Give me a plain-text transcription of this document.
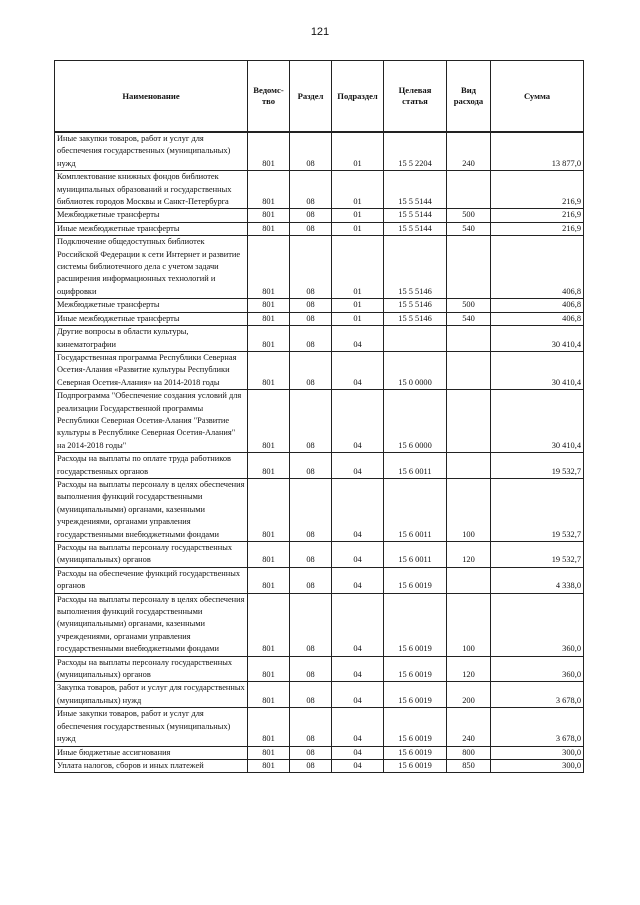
121
Наименование	Ведомс-тво	Раздел	Подраздел	Целевая статья	Вид расхода	Сумма
Иные закупки товаров, работ и услуг для обеспечения государственных (муниципальных) нужд	801	08	01	15 5 2204	240	13 877,0
Комплектование книжных фондов библиотек муниципальных образований и государственных библиотек городов Москвы и Санкт-Петербурга	801	08	01	15 5 5144		216,9
Межбюджетные трансферты	801	08	01	15 5 5144	500	216,9
Иные межбюджетные трансферты	801	08	01	15 5 5144	540	216,9
Подключение общедоступных библиотек Российской Федерации к сети Интернет и развитие системы библиотечного дела с учетом задачи расширения информационных технологий и оцифровки	801	08	01	15 5 5146		406,8
Межбюджетные трансферты	801	08	01	15 5 5146	500	406,8
Иные межбюджетные трансферты	801	08	01	15 5 5146	540	406,8
Другие вопросы в области культуры, кинематографии	801	08	04			30 410,4
Государственная программа Республики Северная Осетия-Алания «Развитие культуры Республики Северная Осетия-Алания» на 2014-2018 годы	801	08	04	15 0 0000		30 410,4
Подпрограмма "Обеспечение создания условий для реализации Государственной программы Республики Северная Осетия-Алания "Развитие культуры в Республике Северная Осетия-Алания" на 2014-2018 годы"	801	08	04	15 6 0000		30 410,4
Расходы на выплаты по оплате труда работников государственных органов	801	08	04	15 6 0011		19 532,7
Расходы на выплаты персоналу в целях обеспечения выполнения функций государственными (муниципальными) органами, казенными учреждениями, органами управления государственными внебюджетными фондами	801	08	04	15 6 0011	100	19 532,7
Расходы на выплаты персоналу государственных (муниципальных) органов	801	08	04	15 6 0011	120	19 532,7
Расходы на обеспечение функций государственных органов	801	08	04	15 6 0019		4 338,0
Расходы на выплаты персоналу в целях обеспечения выполнения функций государственными (муниципальными) органами, казенными учреждениями, органами управления государственными внебюджетными фондами	801	08	04	15 6 0019	100	360,0
Расходы на выплаты персоналу государственных (муниципальных) органов	801	08	04	15 6 0019	120	360,0
Закупка товаров, работ и услуг для государственных (муниципальных) нужд	801	08	04	15 6 0019	200	3 678,0
Иные закупки товаров, работ и услуг для обеспечения государственных (муниципальных) нужд	801	08	04	15 6 0019	240	3 678,0
Иные бюджетные ассигнования	801	08	04	15 6 0019	800	300,0
Уплата налогов, сборов и иных платежей	801	08	04	15 6 0019	850	300,0
